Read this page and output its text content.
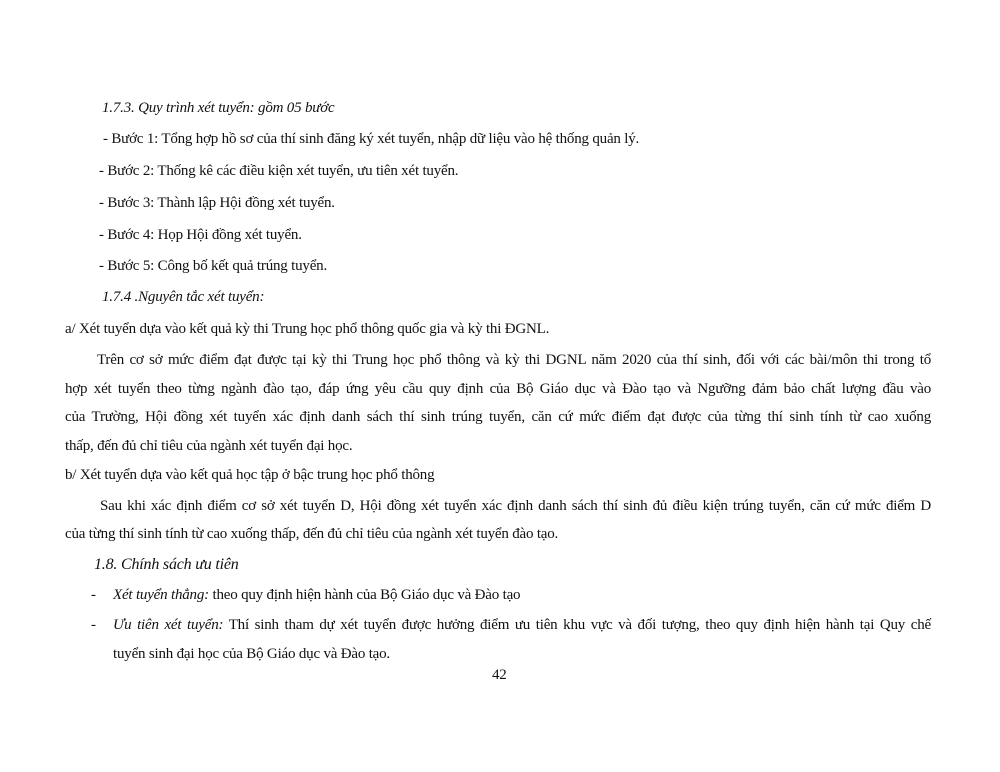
1.7.3. Quy trình xét tuyển: gồm 05 bước
- Bước 1: Tổng hợp hồ sơ của thí sinh đăng ký xét tuyển, nhập dữ liệu vào hệ thống quản lý.
- Bước 2: Thống kê các điều kiện xét tuyển, ưu tiên xét tuyển.
- Bước 3: Thành lập Hội đồng xét tuyển.
- Bước 4: Họp Hội đồng xét tuyển.
- Bước 5: Công bố kết quả trúng tuyển.
1.7.4 .Nguyên tắc xét tuyển:
a/ Xét tuyển dựa vào kết quả kỳ thi Trung học phổ thông quốc gia và kỳ thi ĐGNL.
Trên cơ sở mức điểm đạt được tại kỳ thi Trung học phổ thông và kỳ thi DGNL năm 2020 của thí sinh, đối với các bài/môn thi trong tổ
hợp xét tuyển theo từng ngành đào tạo, đáp ứng yêu cầu quy định của Bộ Giáo dục và Đào tạo và Ngưỡng đảm bảo chất lượng đầu vào
của Trường, Hội đồng xét tuyển xác định danh sách thí sinh trúng tuyển, căn cứ mức điểm đạt được của từng thí sinh tính từ cao xuống
thấp, đến đủ chỉ tiêu của ngành xét tuyển đại học.
b/ Xét tuyển dựa vào kết quả học tập ở bậc trung học phổ thông
Sau khi xác định điểm cơ sở xét tuyển D, Hội đồng xét tuyển xác định danh sách thí sinh đủ điều kiện trúng tuyển, căn cứ mức điểm D
của từng thí sinh tính từ cao xuống thấp, đến đủ chỉ tiêu của ngành xét tuyển đào tạo.
1.8. Chính sách ưu tiên
- Xét tuyển thẳng: theo quy định hiện hành của Bộ Giáo dục và Đào tạo
- Ưu tiên xét tuyển: Thí sinh tham dự xét tuyển được hưởng điểm ưu tiên khu vực và đối tượng, theo quy định hiện hành tại Quy chế
tuyển sinh đại học của Bộ Giáo dục và Đào tạo.
42
